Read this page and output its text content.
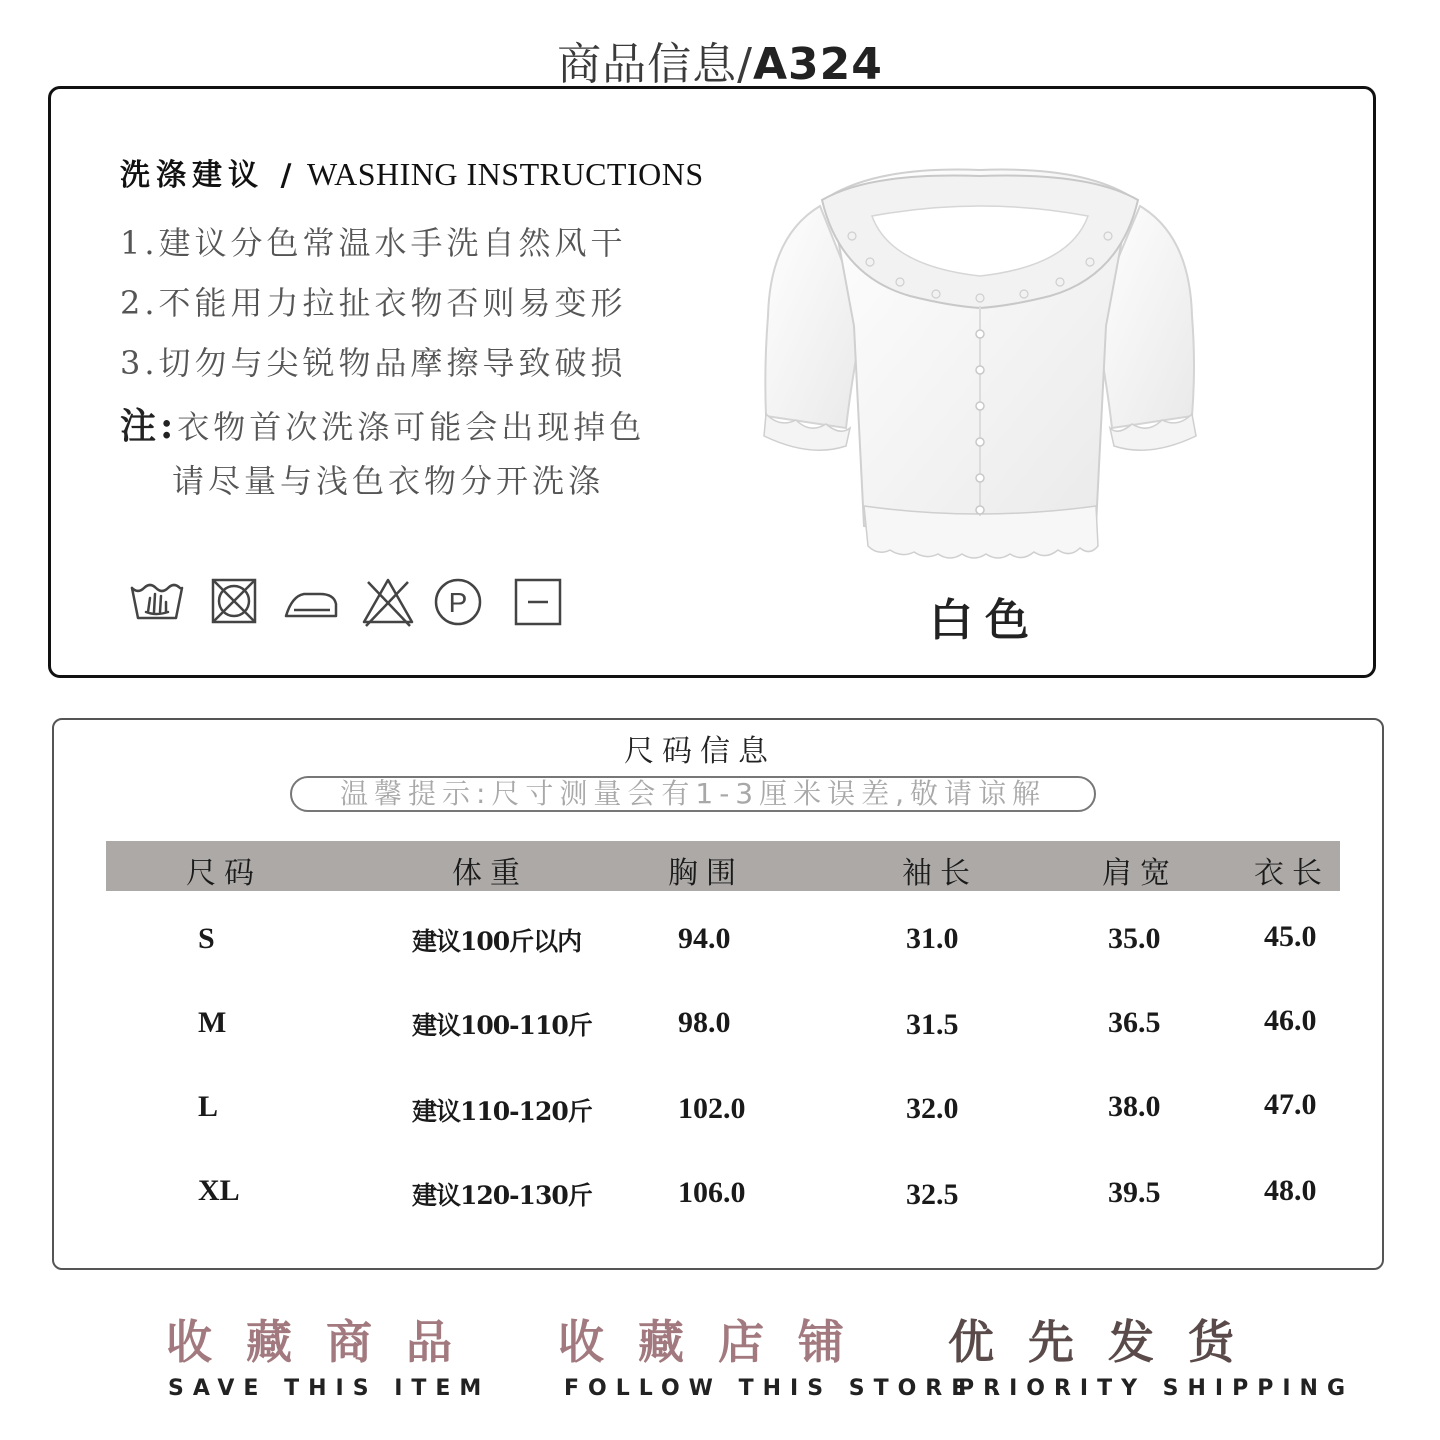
商品信息/A324
洗涤建议 / WASHING INSTRUCTIONS
1.建议分色常温水手洗自然风干
2.不能用力拉扯衣物否则易变形
3.切勿与尖锐物品摩擦导致破损
注:衣物首次洗涤可能会出现掉色
请尽量与浅色衣物分开洗涤
P	白色
尺码信息
温馨提示:尺寸测量会有1-3厘米误差,敬请谅解
尺码	体重	胸围	袖长	肩宽	衣长
S	建议100斤以内	94.0	31.0	35.0	45.0
M	建议100-110斤	98.0	31.5	36.5	46.0
L	建议110-120斤	102.0	32.0	38.0	47.0
XL	建议120-130斤	106.0	32.5	39.5	48.0
收藏商品
SAVE THIS ITEM
收藏店铺
FOLLOW THIS STORE .
优先发货
PRIORITY SHIPPING
